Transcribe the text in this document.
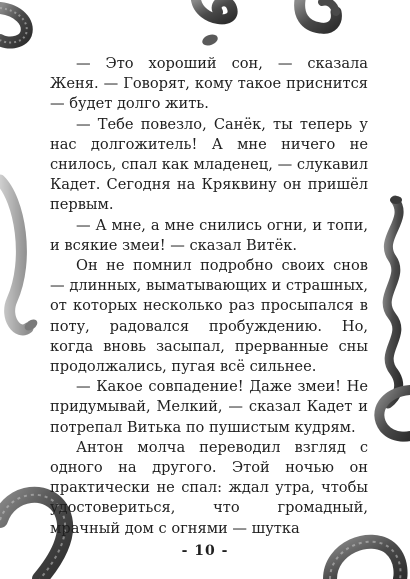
— Это хороший сон, — сказала Женя. — Говорят, кому такое приснится — будет долго жить.

— Тебе повезло, Санёк, ты теперь у нас долгожитель! А мне ничего не снилось, спал как младенец, — слукавил Кадет. Сегодня на Кряквину он пришёл первым.

— А мне, а мне снились огни, и топи, и всякие змеи! — сказал Витёк.

Он не помнил подробно своих снов — длинных, выматывающих и страшных, от которых несколько раз просыпался в поту, радовался пробуждению. Но, когда вновь засыпал, прерванные сны продолжались, пугая всё сильнее.

— Какое совпадение! Даже змеи! Не придумывай, Мелкий, — сказал Кадет и потрепал Витька по пушистым кудрям.

Антон молча переводил взгляд с одного на другого. Этой ночью он практически не спал: ждал утра, чтобы удостовериться, что громадный, мрачный дом с огнями — шутка

- 10 -
